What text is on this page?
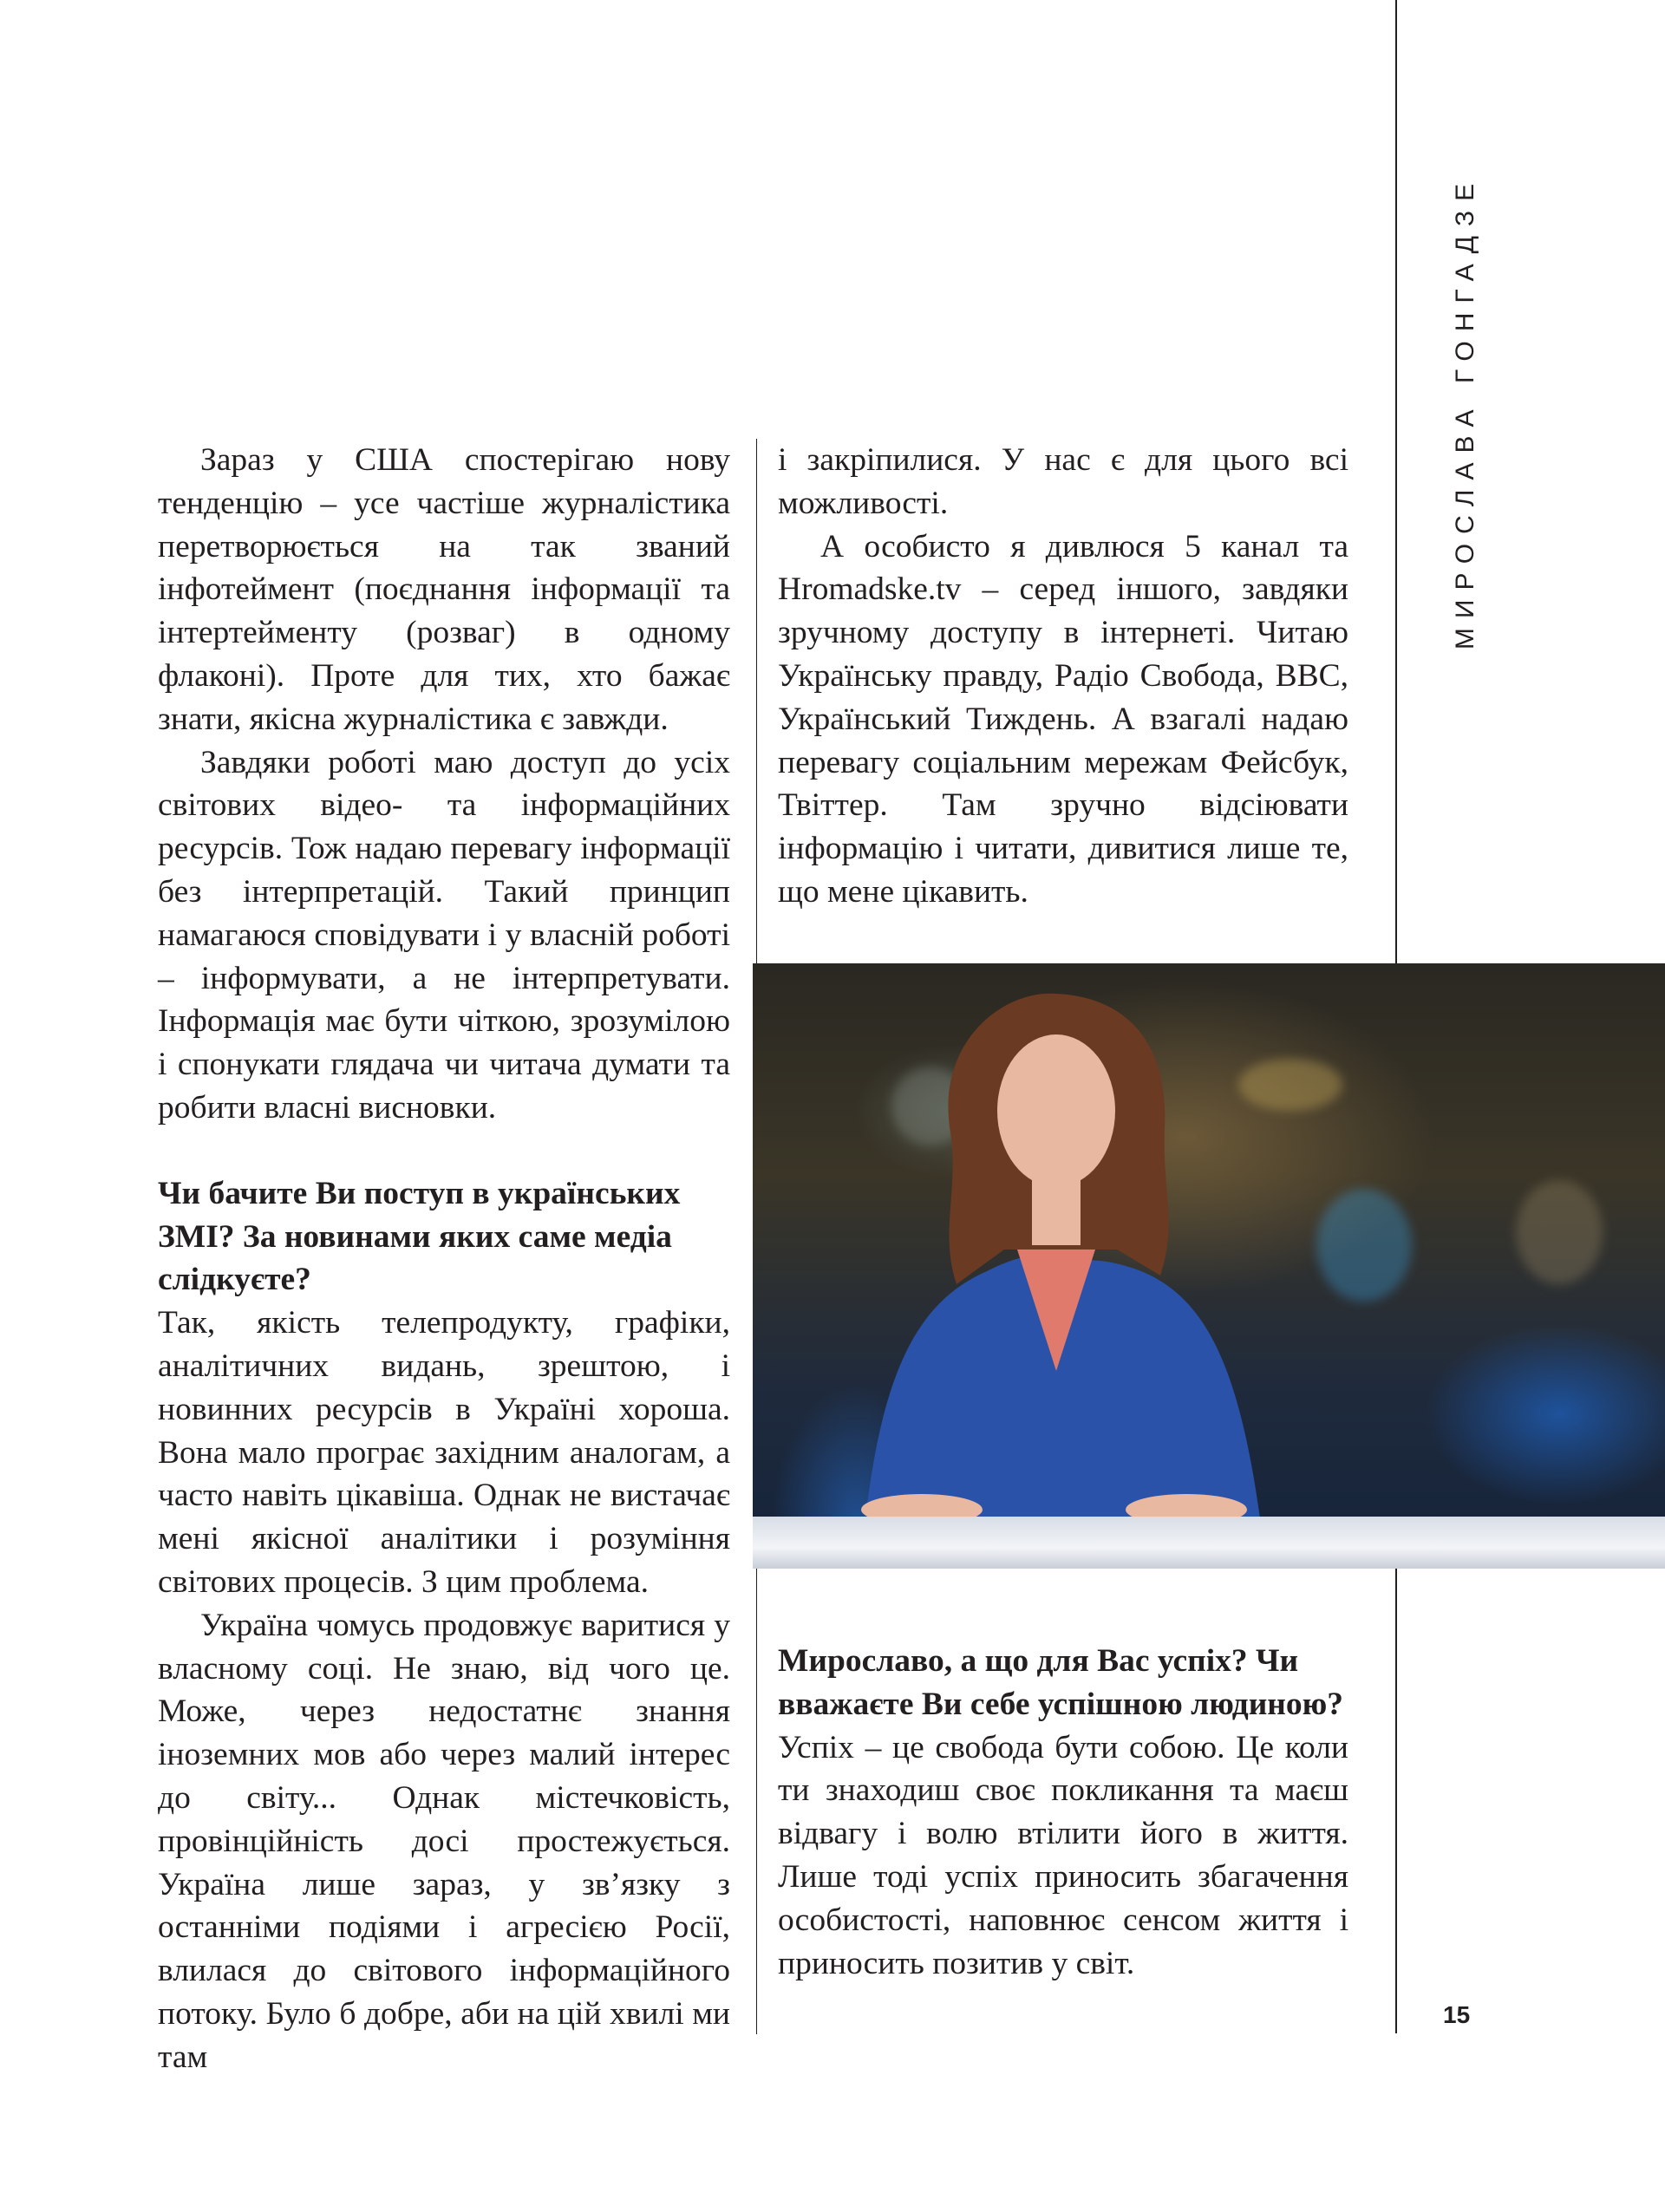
МИРОСЛАВА ГОНГАДЗЕ

Зараз у США спостерігаю нову тенденцію – усе частіше журналістика перетворюється на так званий інфотеймент (поєднання інформації та інтертейменту (розваг) в одному флаконі). Проте для тих, хто бажає знати, якісна журналістика є завжди.

Завдяки роботі маю доступ до усіх світових відео- та інформаційних ресурсів. Тож надаю перевагу інформації без інтерпретацій. Такий принцип намагаюся сповідувати і у власній роботі – інформувати, а не інтерпретувати. Інформація має бути чіткою, зрозумілою і спонукати глядача чи читача думати та робити власні висновки.

Чи бачите Ви поступ в українських ЗМІ? За новинами яких саме медіа слідкуєте?

Так, якість телепродукту, графіки, аналітичних видань, зрештою, і новинних ресурсів в Україні хороша. Вона мало програє західним аналогам, а часто навіть цікавіша. Однак не вистачає мені якісної аналітики і розуміння світових процесів. З цим проблема.

Україна чомусь продовжує варитися у власному соці. Не знаю, від чого це. Може, через недостатнє знання іноземних мов або через малий інтерес до світу... Однак містечковість, провінційність досі простежується. Україна лише зараз, у зв’язку з останніми подіями і агресією Росії, влилася до світового інформаційного потоку. Було б добре, аби на цій хвилі ми там

і закріпилися. У нас є для цього всі можливості.

А особисто я дивлюся 5 канал та Hromadske.tv – серед іншого, завдяки зручному доступу в інтернеті. Читаю Українську правду, Радіо Свобода, BBC, Український Тиждень. А взагалі надаю перевагу соціальним мережам Фейсбук, Твіттер. Там зручно відсіювати інформацію і читати, дивитися лише те, що мене цікавить.

Мирославо, а що для Вас успіх? Чи вважаєте Ви себе успішною людиною?

Успіх – це свобода бути собою. Це коли ти знаходиш своє покликання та маєш відвагу і волю втілити його в життя. Лише тоді успіх приносить збагачення особистості, наповнює сенсом життя і приносить позитив у світ.

15
